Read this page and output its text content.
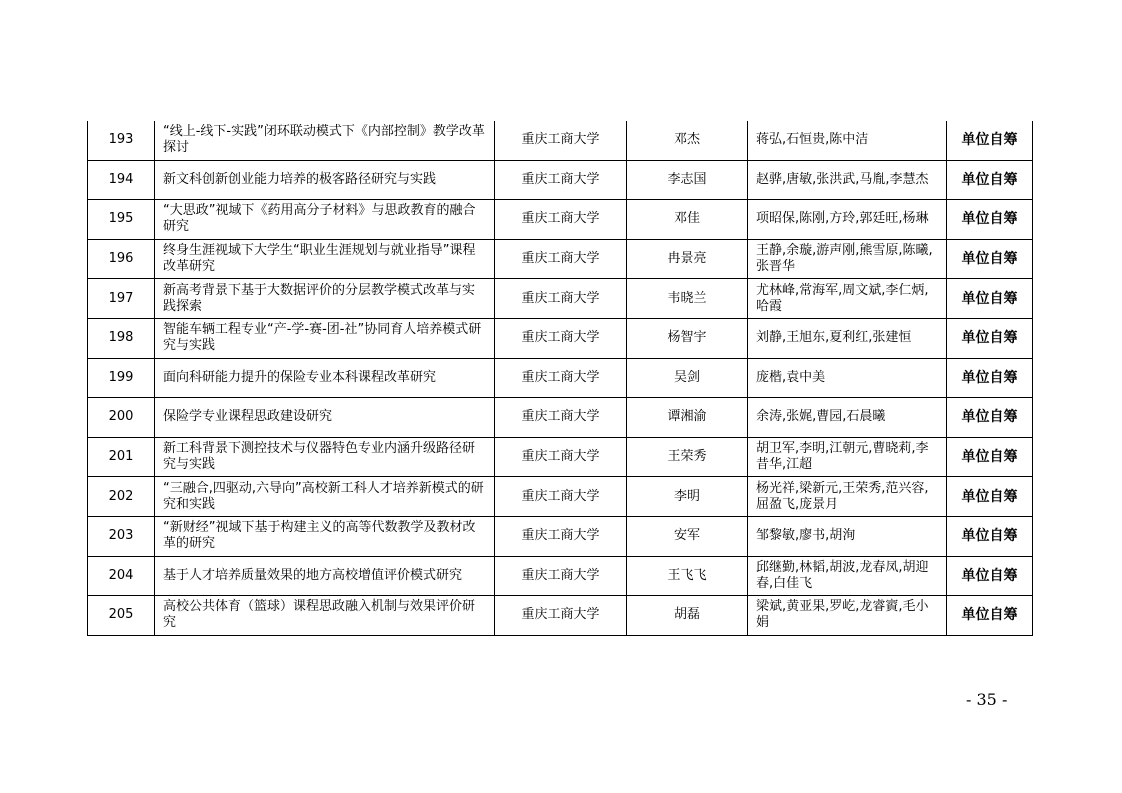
193	“线上-线下-实践”闭环联动模式下《内部控制》教学改革探讨	重庆工商大学	邓杰	蒋弘,石恒贵,陈中洁	单位自筹
194	新文科创新创业能力培养的极客路径研究与实践	重庆工商大学	李志国	赵骅,唐敏,张洪武,马胤,李慧杰	单位自筹
195	“大思政”视域下《药用高分子材料》与思政教育的融合研究	重庆工商大学	邓佳	项昭保,陈刚,方玲,郭廷旺,杨琳	单位自筹
196	终身生涯视域下大学生“职业生涯规划与就业指导”课程改革研究	重庆工商大学	冉景亮	王静,余璇,游声刚,熊雪原,陈曦,张晋华	单位自筹
197	新高考背景下基于大数据评价的分层教学模式改革与实践探索	重庆工商大学	韦晓兰	尤林峰,常海军,周文斌,李仁炳,哈霞	单位自筹
198	智能车辆工程专业“产-学-赛-团-社”协同育人培养模式研究与实践	重庆工商大学	杨智宇	刘静,王旭东,夏利红,张建恒	单位自筹
199	面向科研能力提升的保险专业本科课程改革研究	重庆工商大学	吴剑	庞楷,袁中美	单位自筹
200	保险学专业课程思政建设研究	重庆工商大学	谭湘渝	余涛,张娓,曹园,石晨曦	单位自筹
201	新工科背景下测控技术与仪器特色专业内涵升级路径研究与实践	重庆工商大学	王荣秀	胡卫军,李明,江朝元,曹晓莉,李昔华,江超	单位自筹
202	“三融合,四驱动,六导向”高校新工科人才培养新模式的研究和实践	重庆工商大学	李明	杨光祥,梁新元,王荣秀,范兴容,屈盈飞,庞景月	单位自筹
203	“新财经”视域下基于构建主义的高等代数教学及教材改革的研究	重庆工商大学	安军	邹黎敏,廖书,胡洵	单位自筹
204	基于人才培养质量效果的地方高校增值评价模式研究	重庆工商大学	王飞飞	邱继勤,林韬,胡波,龙春凤,胡迎春,白佳飞	单位自筹
205	高校公共体育（篮球）课程思政融入机制与效果评价研究	重庆工商大学	胡磊	梁斌,黄亚果,罗屹,龙睿賨,毛小娟	单位自筹
- 35 -
